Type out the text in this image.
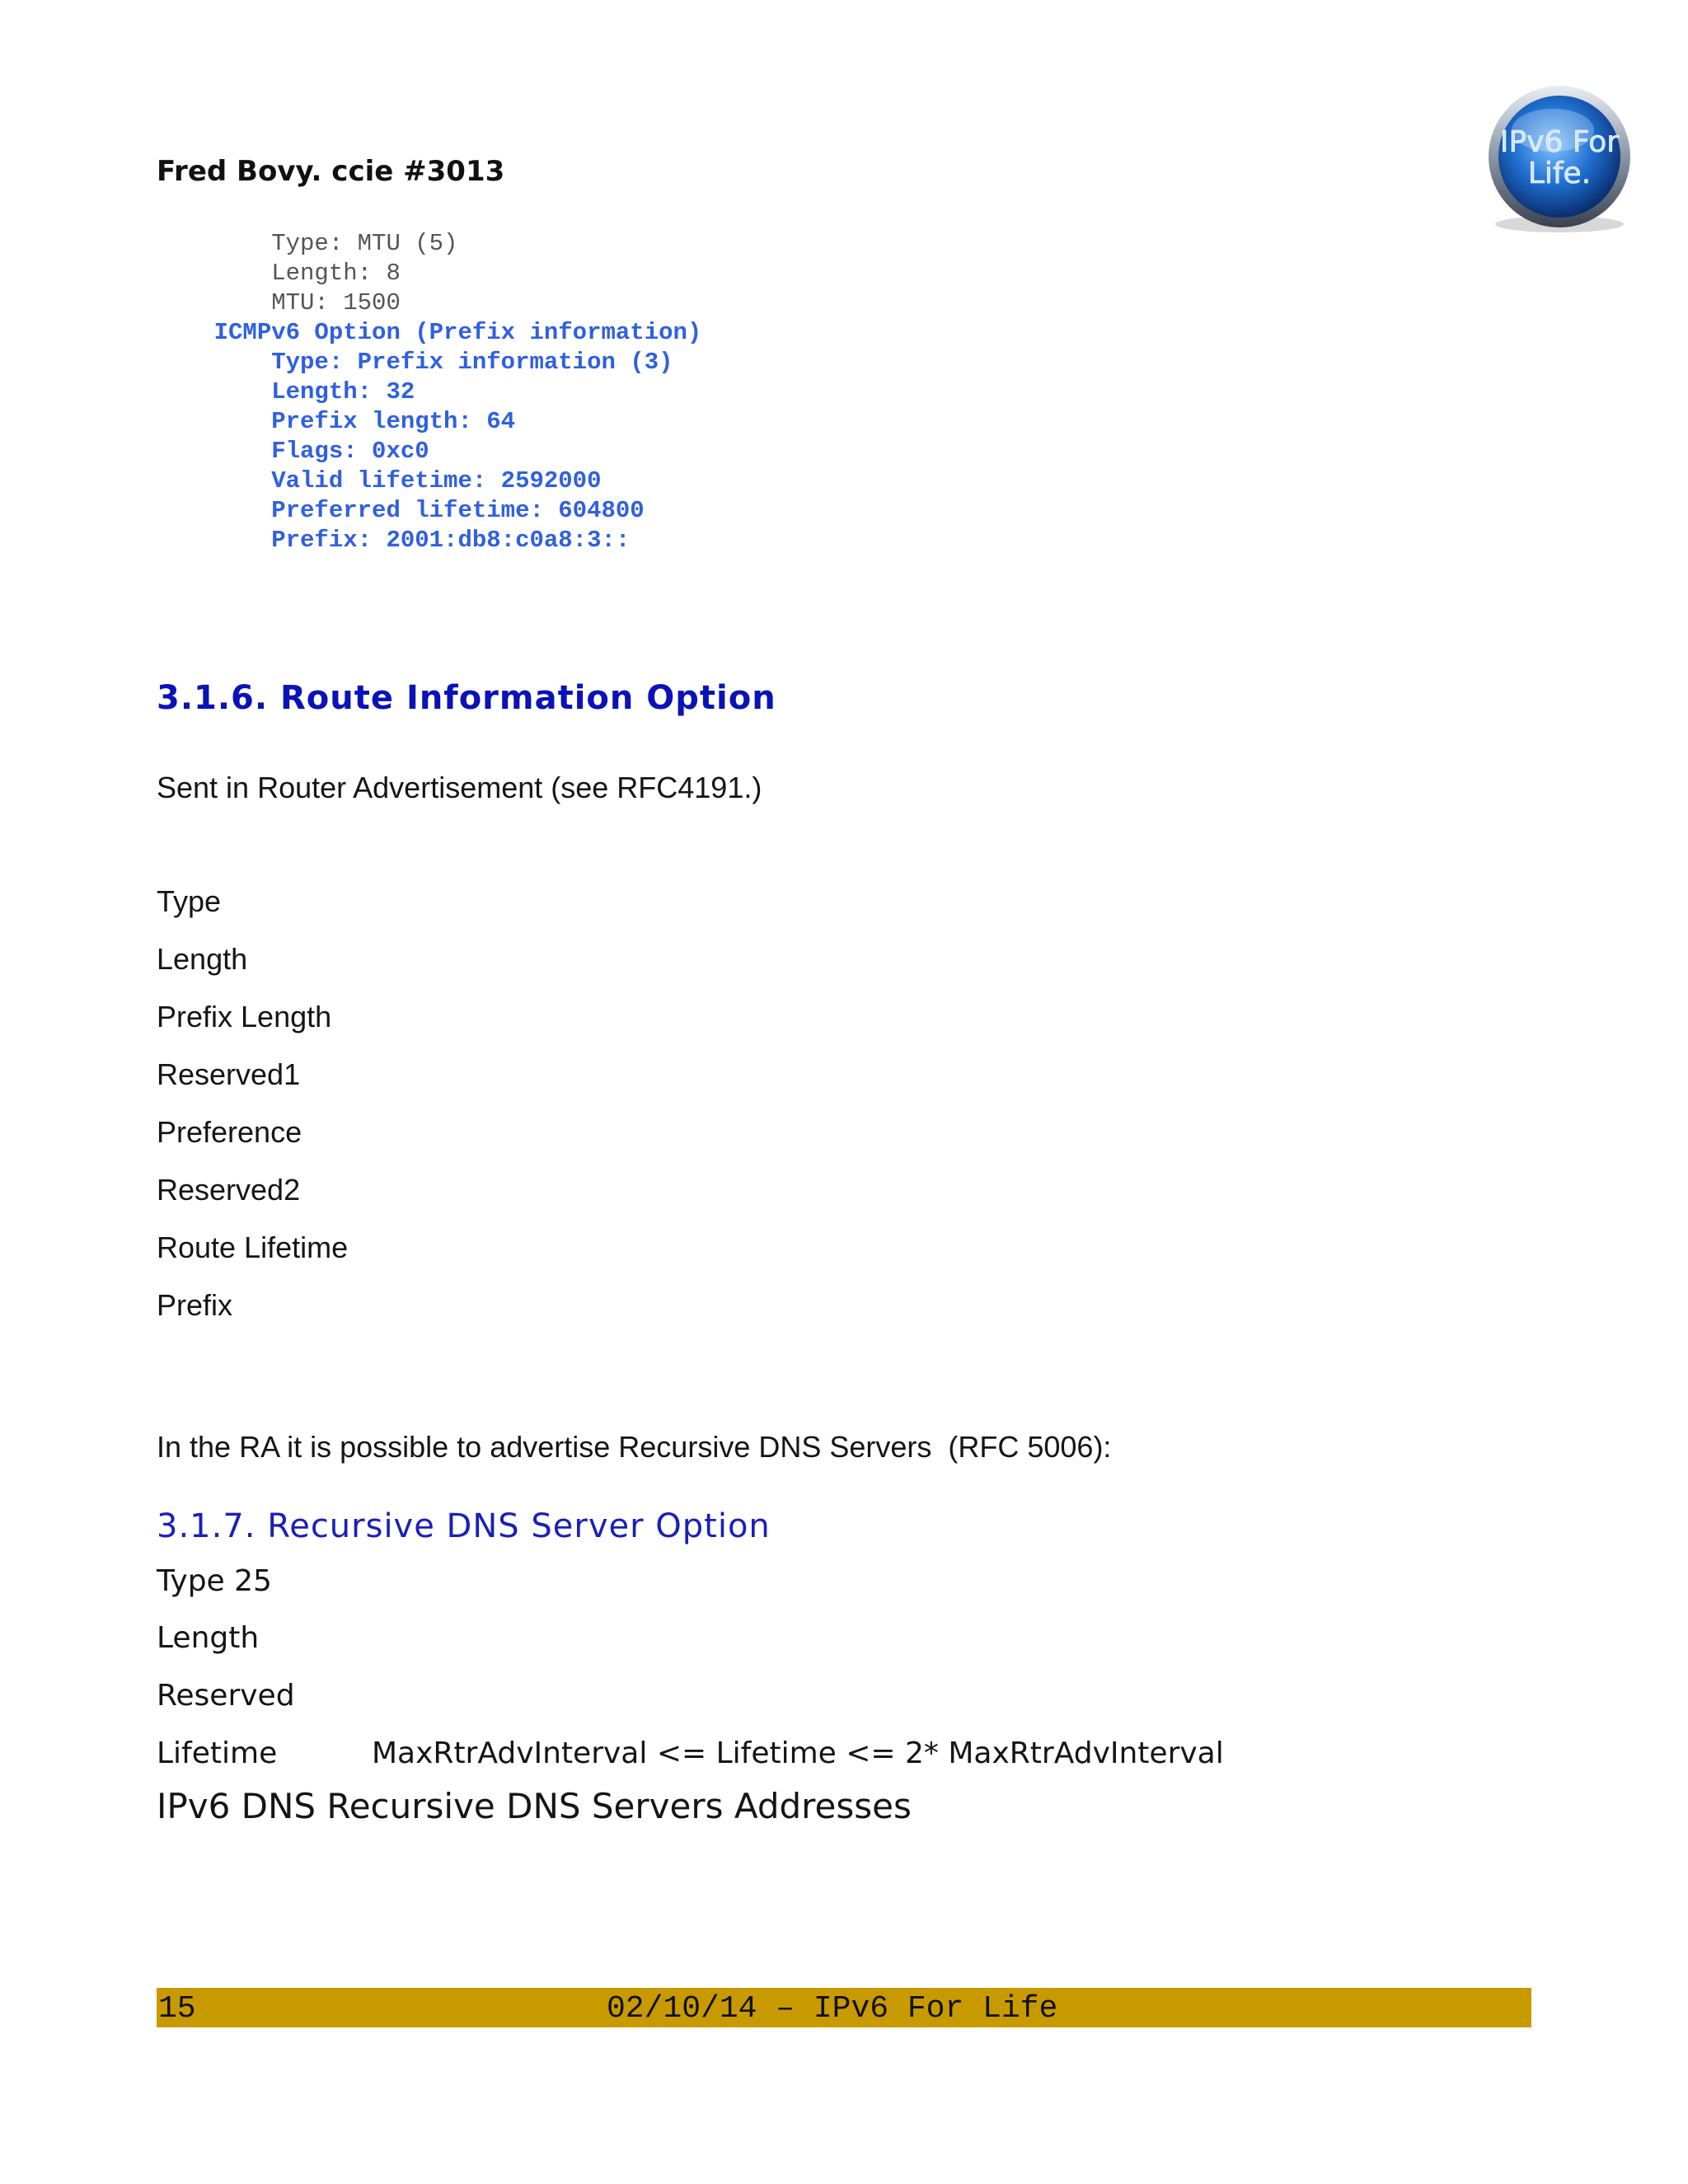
Fred Bovy. ccie #3013
IPv6 For
Life.
Type: MTU (5)
Length: 8
MTU: 1500
ICMPv6 Option (Prefix information)
Type: Prefix information (3)
Length: 32
Prefix length: 64
Flags: 0xc0
Valid lifetime: 2592000
Preferred lifetime: 604800
Prefix: 2001:db8:c0a8:3::
3.1.6. Route Information Option
Sent in Router Advertisement (see RFC4191.)
Type
Length
Prefix Length
Reserved1
Preference
Reserved2
Route Lifetime
Prefix
In the RA it is possible to advertise Recursive DNS Servers  (RFC 5006):
3.1.7. Recursive DNS Server Option
Type 25
Length
Reserved
Lifetime	MaxRtrAdvInterval <= Lifetime <= 2* MaxRtrAdvInterval
IPv6 DNS Recursive DNS Servers Addresses
15	02/10/14 – IPv6 For Life
